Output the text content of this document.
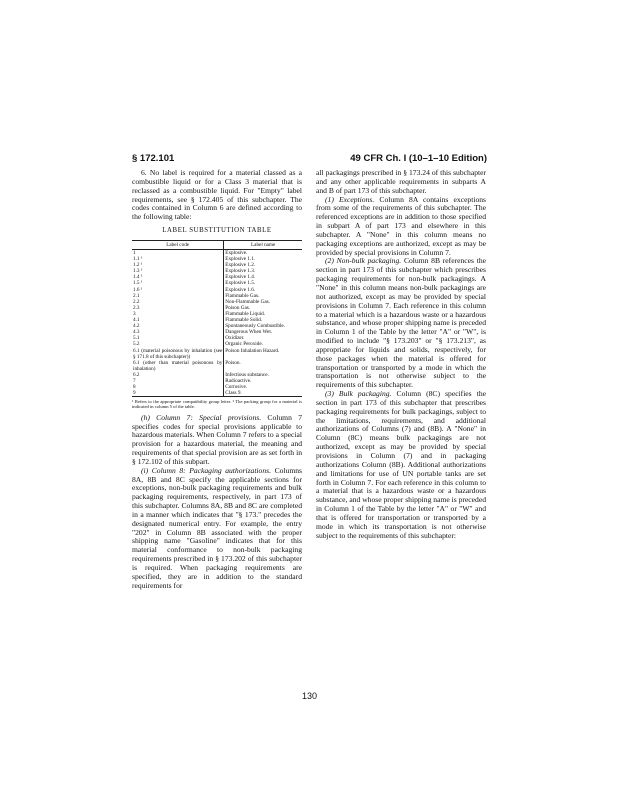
§ 172.101	49 CFR Ch. I (10–1–10 Edition)

6. No label is required for a material classed as a combustible liquid or for a Class 3 material that is reclassed as a combustible liquid. For "Empty" label requirements, see § 172.405 of this subchapter. The codes contained in Column 6 are defined according to the following table:

LABEL SUBSTITUTION TABLE
Label code	Label name
1	Explosive.
1.1 ¹	Explosive 1.1.
1.2 ¹	Explosive 1.2.
1.3 ¹	Explosive 1.3.
1.4 ¹	Explosive 1.4.
1.5 ¹	Explosive 1.5.
1.6 ¹	Explosive 1.6.
2.1	Flammable Gas.
2.2	Non-Flammable Gas.
2.3	Poison Gas.
3	Flammable Liquid.
4.1	Flammable Solid.
4.2	Spontaneously Combustible.
4.3	Dangerous When Wet.
5.1	Oxidizer.
5.2	Organic Peroxide.
6.1 (material poisonous by inhalation (see § 171.8 of this subchapter))	Poison Inhalation Hazard.
6.1 (other than material poisonous by inhalation)	Poison.
6.2	Infectious substance.
7	Radioactive.
8	Corrosive.
9	Class 9.
¹ Refers to the appropriate compatibility group letter. ² The packing group for a material is indicated in column 5 of the table.

(h) Column 7: Special provisions. Column 7 specifies codes for special provisions applicable to hazardous materials. When Column 7 refers to a special provision for a hazardous material, the meaning and requirements of that special provision are as set forth in § 172.102 of this subpart.

(i) Column 8: Packaging authorizations. Columns 8A, 8B and 8C specify the applicable sections for exceptions, non-bulk packaging requirements and bulk packaging requirements, respectively, in part 173 of this subchapter. Columns 8A, 8B and 8C are completed in a manner which indicates that "§ 173." precedes the designated numerical entry. For example, the entry "202" in Column 8B associated with the proper shipping name "Gasoline" indicates that for this material conformance to non-bulk packaging requirements prescribed in § 173.202 of this subchapter is required. When packaging requirements are specified, they are in addition to the standard requirements for

all packagings prescribed in § 173.24 of this subchapter and any other applicable requirements in subparts A and B of part 173 of this subchapter.

(1) Exceptions. Column 8A contains exceptions from some of the requirements of this subchapter. The referenced exceptions are in addition to those specified in subpart A of part 173 and elsewhere in this subchapter. A "None" in this column means no packaging exceptions are authorized, except as may be provided by special provisions in Column 7.

(2) Non-bulk packaging. Column 8B references the section in part 173 of this subchapter which prescribes packaging requirements for non-bulk packagings. A "None" in this column means non-bulk packagings are not authorized, except as may be provided by special provisions in Column 7. Each reference in this column to a material which is a hazardous waste or a hazardous substance, and whose proper shipping name is preceded in Column 1 of the Table by the letter "A" or "W", is modified to include "§ 173.203" or "§ 173.213", as appropriate for liquids and solids, respectively, for those packages when the material is offered for transportation or transported by a mode in which the transportation is not otherwise subject to the requirements of this subchapter.

(3) Bulk packaging. Column (8C) specifies the section in part 173 of this subchapter that prescribes packaging requirements for bulk packagings, subject to the limitations, requirements, and additional authorizations of Columns (7) and (8B). A "None" in Column (8C) means bulk packagings are not authorized, except as may be provided by special provisions in Column (7) and in packaging authorizations Column (8B). Additional authorizations and limitations for use of UN portable tanks are set forth in Column 7. For each reference in this column to a material that is a hazardous waste or a hazardous substance, and whose proper shipping name is preceded in Column 1 of the Table by the letter "A" or "W" and that is offered for transportation or transported by a mode in which its transportation is not otherwise subject to the requirements of this subchapter:

130
